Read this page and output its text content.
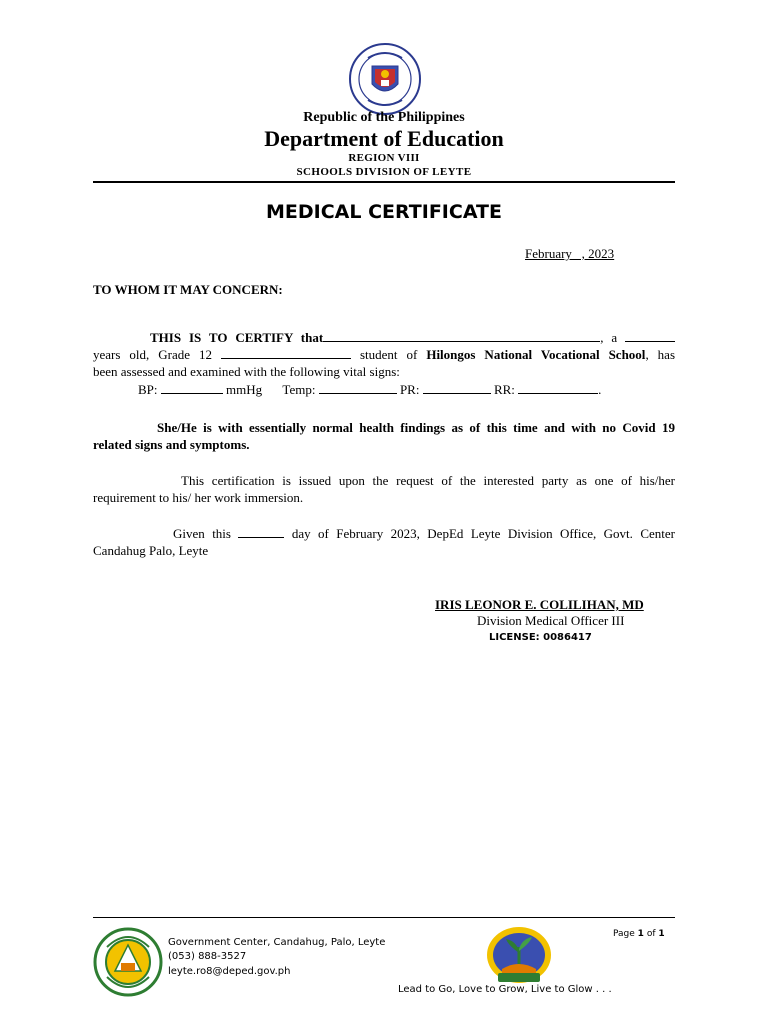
Republic of the Philippines
Department of Education
REGION VIII
SCHOOLS DIVISION OF LEYTE
MEDICAL CERTIFICATE
February   , 2023
TO WHOM IT MAY CONCERN:
THIS IS TO CERTIFY that	, a
years old, Grade 12	student of Hilongos National Vocational School, has
been assessed and examined with the following vital signs:
BP:	mmHg Temp:	PR:	RR:	.
She/He is with essentially normal health findings as of this time and with no Covid 19
related signs and symptoms.
This certification is issued upon the request of the interested party as one of his/her
requirement to his/ her work immersion.
Given this	day of February 2023, DepEd Leyte Division Office, Govt. Center
Candahug Palo, Leyte
IRIS LEONOR E. COLILIHAN, MD
Division Medical Officer III
LICENSE: 0086417
Government Center, Candahug, Palo, Leyte
(053) 888-3527
leyte.ro8@deped.gov.ph
Page 1 of 1
Lead to Go, Love to Grow, Live to Glow . . .
